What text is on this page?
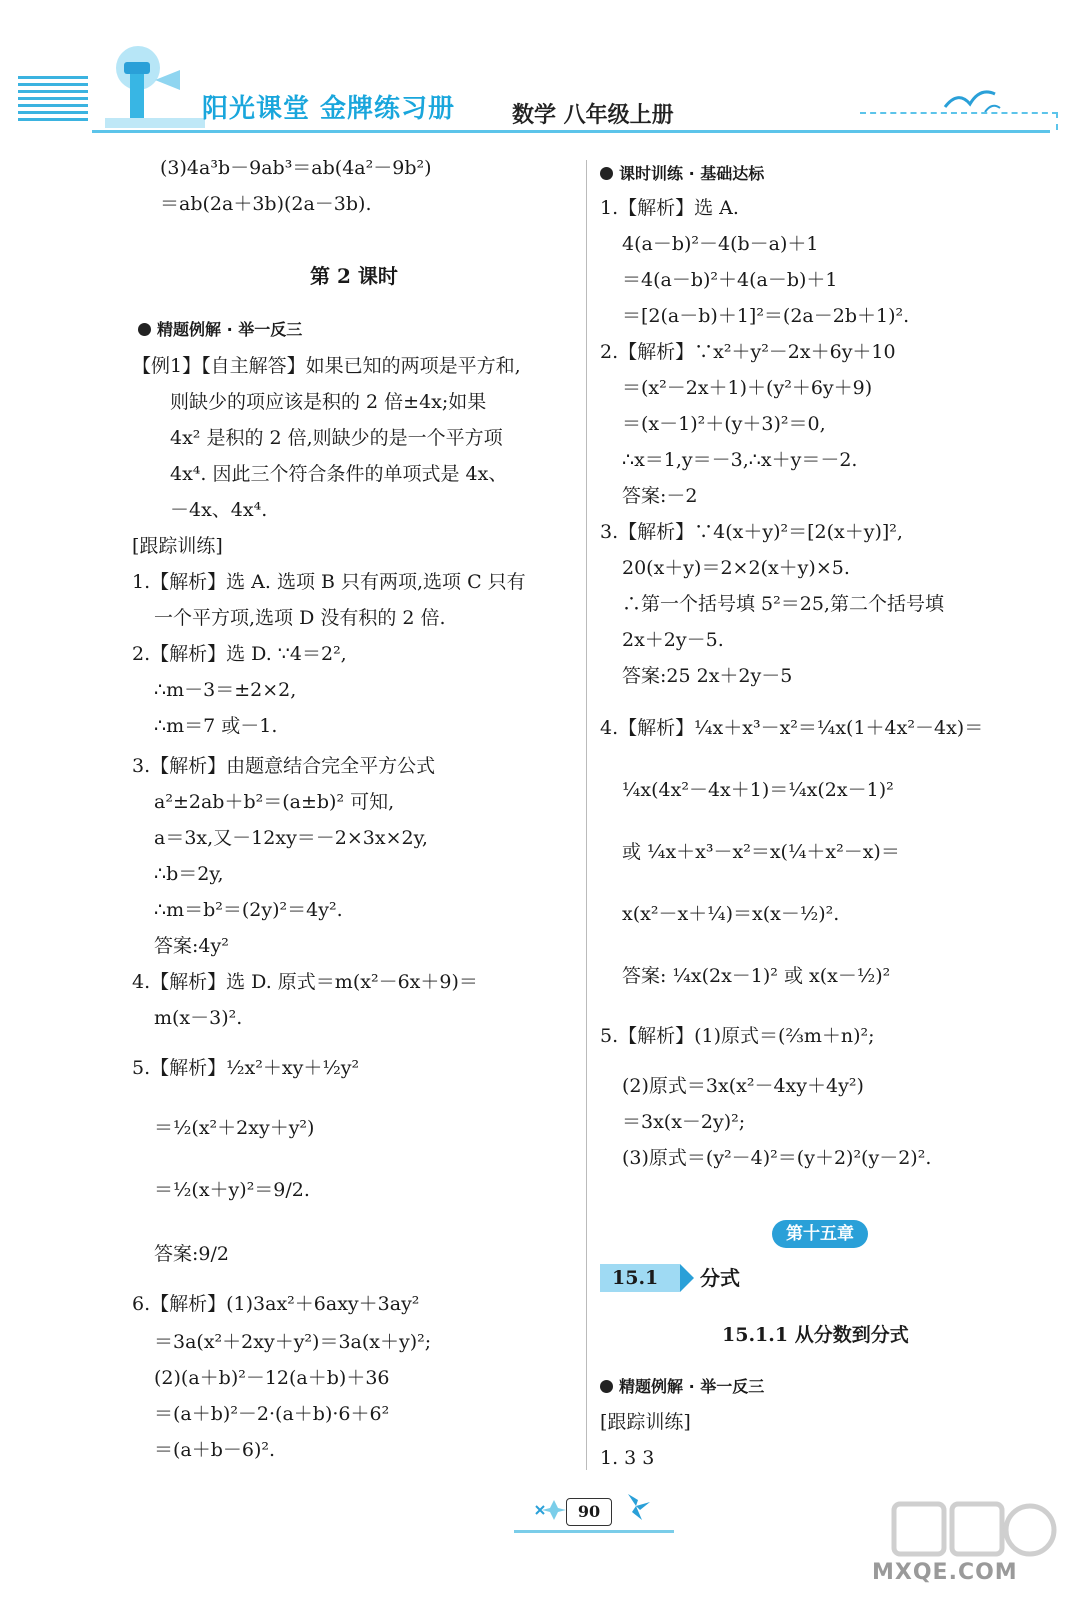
阳光课堂 金牌练习册	数学 八年级上册
(3)4a³b－9ab³＝ab(4a²－9b²)
＝ab(2a＋3b)(2a－3b).
第 2 课时
精题例解 · 举一反三
【例1】【自主解答】如果已知的两项是平方和,
则缺少的项应该是积的 2 倍±4x;如果
4x² 是积的 2 倍,则缺少的是一个平方项
4x⁴. 因此三个符合条件的单项式是 4x、
－4x、4x⁴.
[跟踪训练]
1.【解析】选 A. 选项 B 只有两项,选项 C 只有
一个平方项,选项 D 没有积的 2 倍.
2.【解析】选 D. ∵4＝2²,
∴m－3＝±2×2,
∴m＝7 或－1.
3.【解析】由题意结合完全平方公式
a²±2ab＋b²＝(a±b)² 可知,
a＝3x,又－12xy＝－2×3x×2y,
∴b＝2y,
∴m＝b²＝(2y)²＝4y².
答案:4y²
4.【解析】选 D. 原式＝m(x²－6x＋9)＝
m(x－3)².
5.【解析】½x²＋xy＋½y²
＝½(x²＋2xy＋y²)
＝½(x＋y)²＝9/2.
答案:9/2
6.【解析】(1)3ax²＋6axy＋3ay²
＝3a(x²＋2xy＋y²)＝3a(x＋y)²;
(2)(a＋b)²－12(a＋b)＋36
＝(a＋b)²－2·(a＋b)·6＋6²
＝(a＋b－6)².
课时训练 · 基础达标
1.【解析】选 A.
4(a－b)²－4(b－a)＋1
＝4(a－b)²＋4(a－b)＋1
＝[2(a－b)＋1]²＝(2a－2b＋1)².
2.【解析】∵x²＋y²－2x＋6y＋10
＝(x²－2x＋1)＋(y²＋6y＋9)
＝(x－1)²＋(y＋3)²＝0,
∴x＝1,y＝－3,∴x＋y＝－2.
答案:－2
3.【解析】∵4(x＋y)²＝[2(x＋y)]²,
20(x＋y)＝2×2(x＋y)×5.
∴第一个括号填 5²＝25,第二个括号填
2x＋2y－5.
答案:25 2x＋2y－5
4.【解析】¼x＋x³－x²＝¼x(1＋4x²－4x)＝
¼x(4x²－4x＋1)＝¼x(2x－1)²
或 ¼x＋x³－x²＝x(¼＋x²－x)＝
x(x²－x＋¼)＝x(x－½)².
答案: ¼x(2x－1)² 或 x(x－½)²
5.【解析】(1)原式＝(⅔m＋n)²;
(2)原式＝3x(x²－4xy＋4y²)
＝3x(x－2y)²;
(3)原式＝(y²－4)²＝(y＋2)²(y－2)².
第十五章
15.1	分式
15.1.1 从分数到分式
精题例解 · 举一反三
[跟踪训练]
1. 3 3
90
MXQE.COM
